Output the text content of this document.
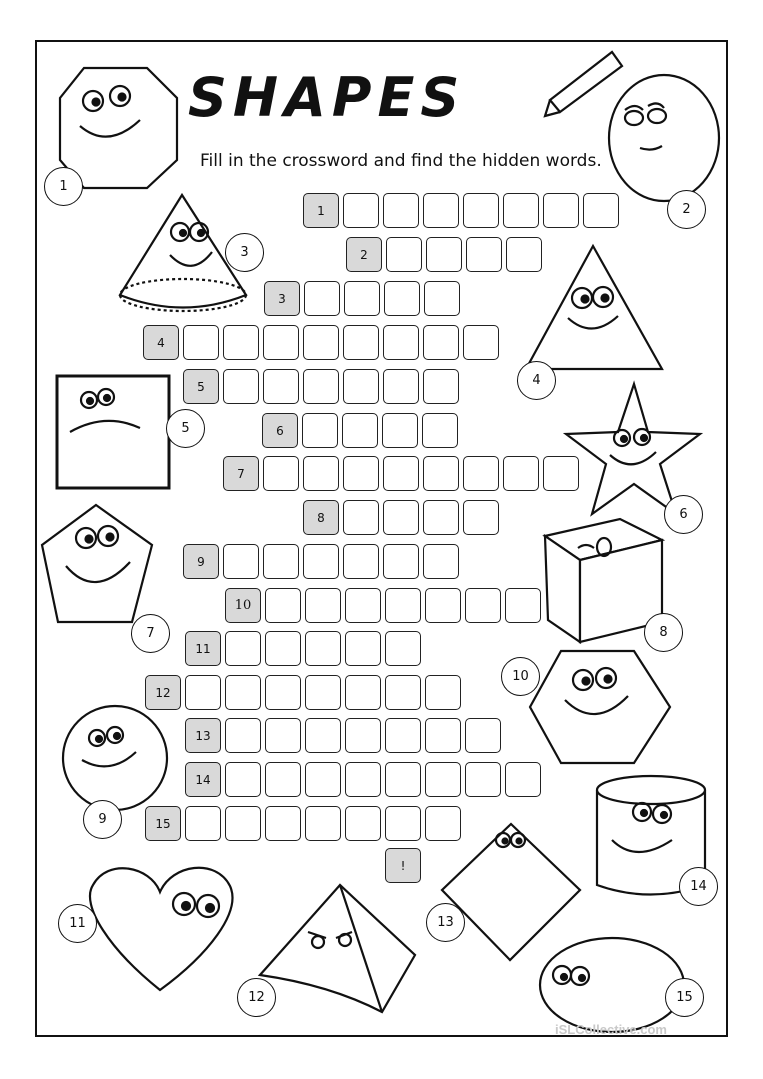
SHAPES
Fill in the crossword and find the hidden words.
1
2
3
4
5
6
7
8
9
10
11
12
13
14
15
!
1
2
3
4
5
6
7	8
9
10
11
12
13
14
15
iSLCollective.com
